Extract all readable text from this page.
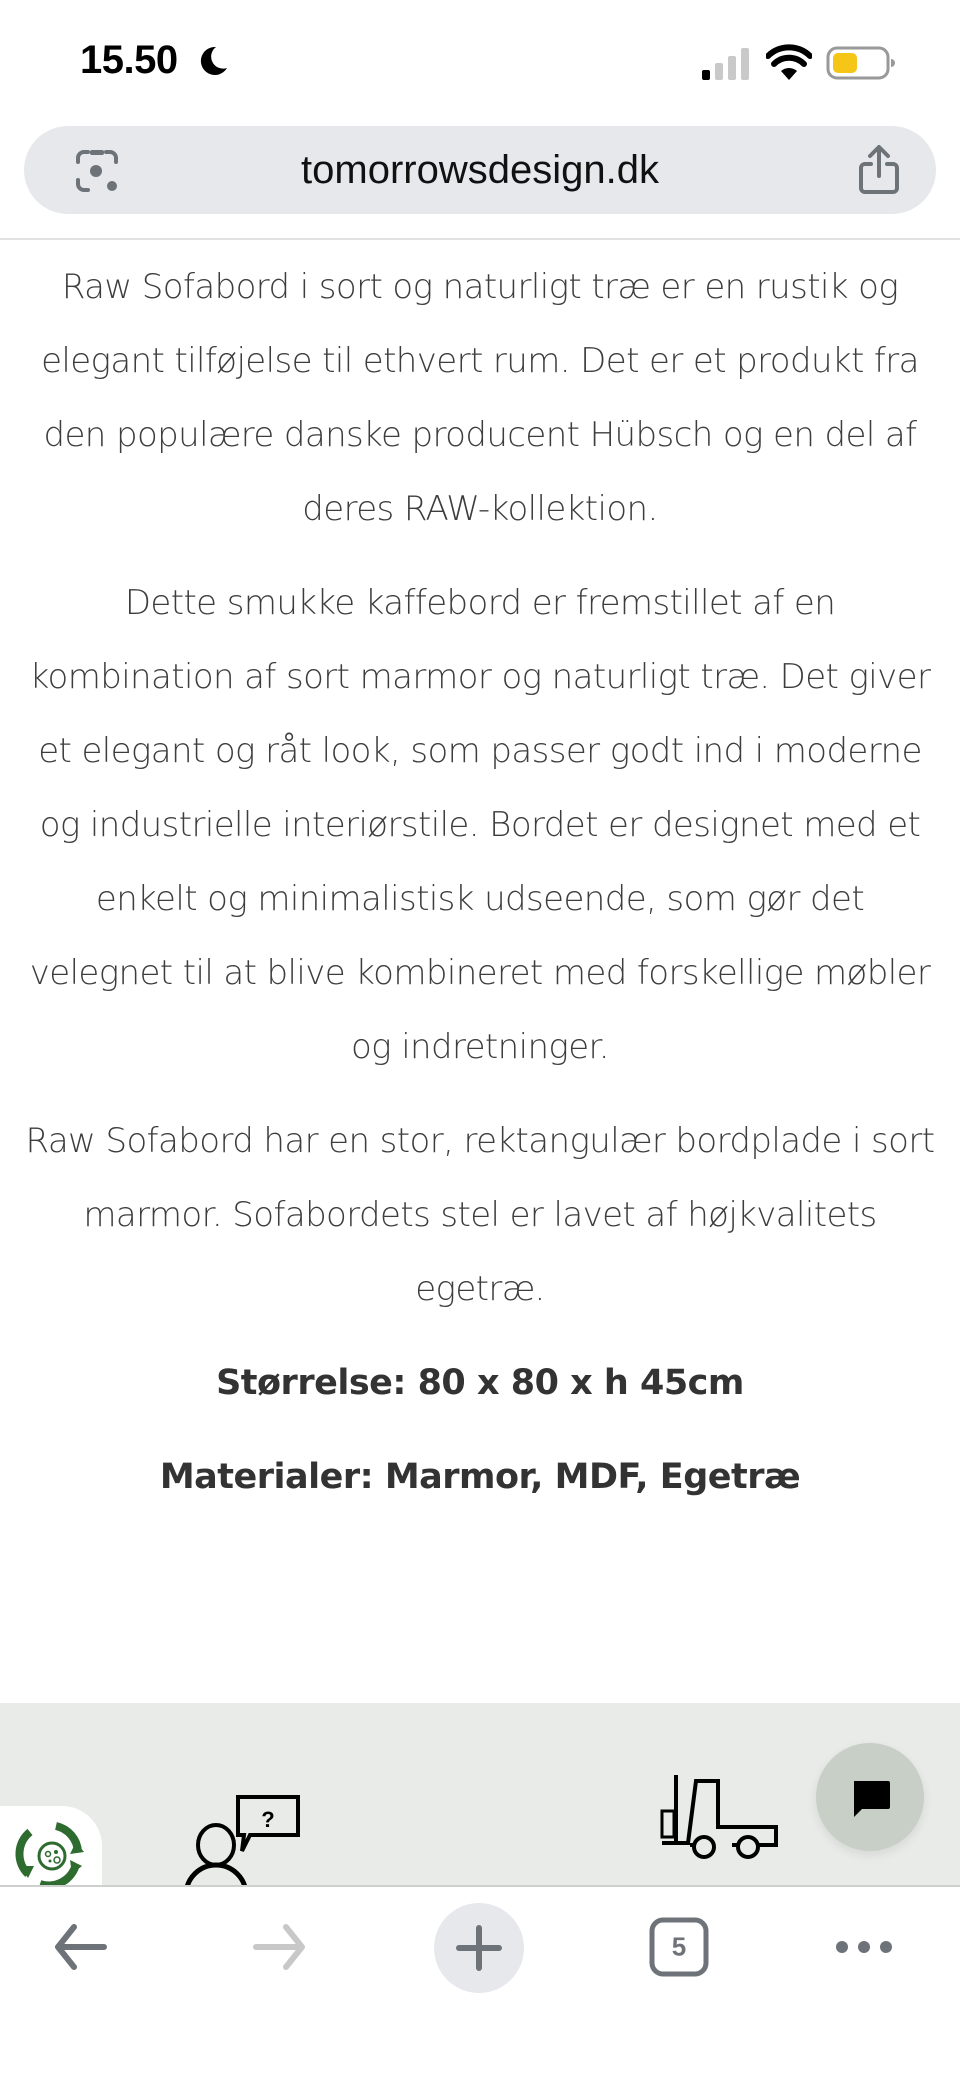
15.50
tomorrowsdesign.dk

Raw Sofabord i sort og naturligt træ er en rustik og elegant tilføjelse til ethvert rum. Det er et produkt fra den populære danske producent Hübsch og en del af deres RAW-kollektion.

Dette smukke kaffebord er fremstillet af en kombination af sort marmor og naturligt træ. Det giver et elegant og råt look, som passer godt ind i moderne og industrielle interiørstile. Bordet er designet med et enkelt og minimalistisk udseende, som gør det velegnet til at blive kombineret med forskellige møbler og indretninger.

Raw Sofabord har en stor, rektangulær bordplade i sort marmor. Sofabordets stel er lavet af højkvalitets egetræ.

Størrelse: 80 x 80 x h 45cm

Materialer: Marmor, MDF, Egetræ

?
5
